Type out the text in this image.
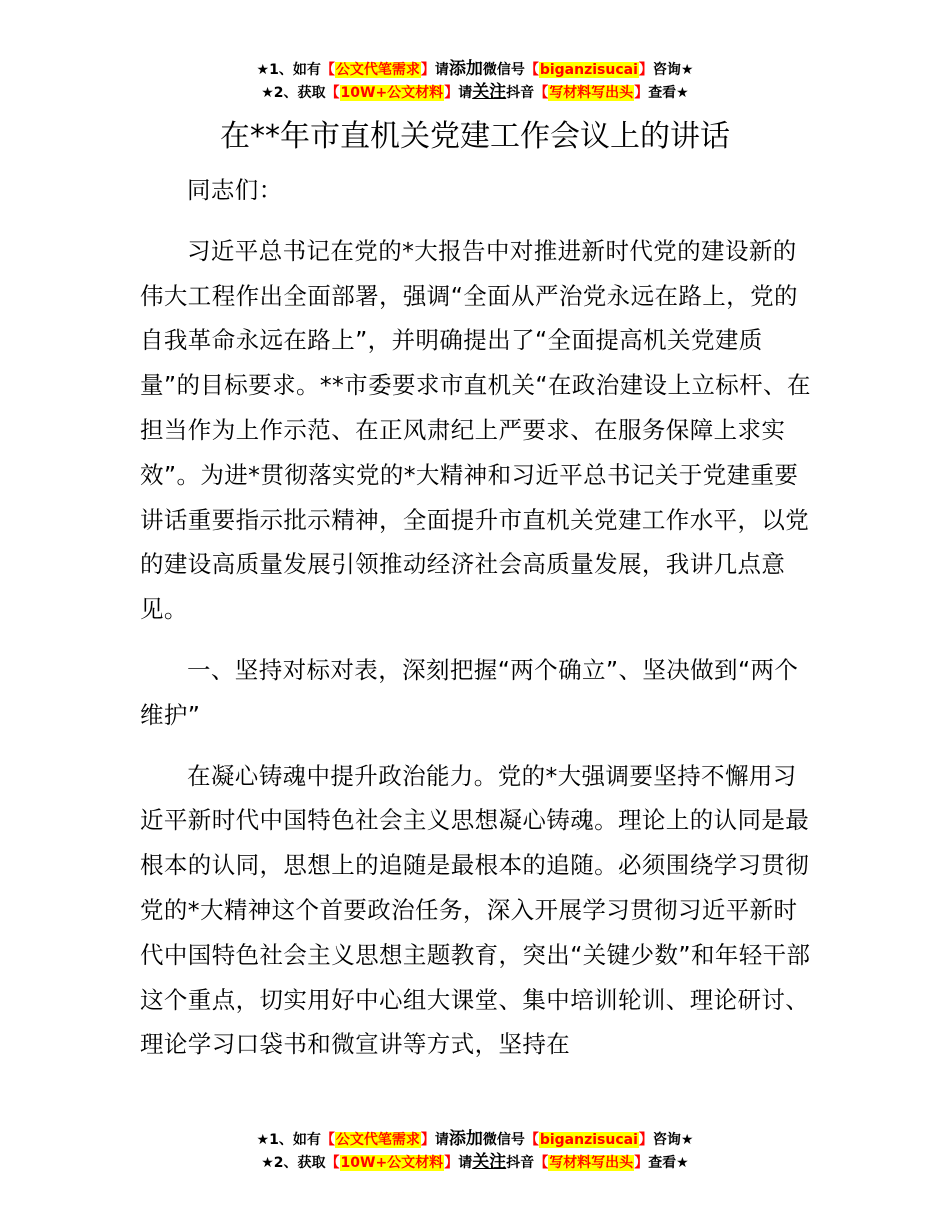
★1、如有【公文代笔需求】请添加微信号【biganzisucai】咨询★
★2、获取【10W+公文材料】请关注抖音【写材料写出头】查看★
在**年市直机关党建工作会议上的讲话

同志们：

习近平总书记在党的*大报告中对推进新时代党的建设新的伟大工程作出全面部署，强调“全面从严治党永远在路上，党的自我革命永远在路上”，并明确提出了“全面提高机关党建质量”的目标要求。**市委要求市直机关“在政治建设上立标杆、在担当作为上作示范、在正风肃纪上严要求、在服务保障上求实效”。为进*贯彻落实党的*大精神和习近平总书记关于党建重要讲话重要指示批示精神，全面提升市直机关党建工作水平，以党的建设高质量发展引领推动经济社会高质量发展，我讲几点意见。

一、坚持对标对表，深刻把握“两个确立”、坚决做到“两个维护”

在凝心铸魂中提升政治能力。党的*大强调要坚持不懈用习近平新时代中国特色社会主义思想凝心铸魂。理论上的认同是最根本的认同，思想上的追随是最根本的追随。必须围绕学习贯彻党的*大精神这个首要政治任务，深入开展学习贯彻习近平新时代中国特色社会主义思想主题教育，突出“关键少数”和年轻干部这个重点，切实用好中心组大课堂、集中培训轮训、理论研讨、理论学习口袋书和微宣讲等方式，坚持在

★1、如有【公文代笔需求】请添加微信号【biganzisucai】咨询★
★2、获取【10W+公文材料】请关注抖音【写材料写出头】查看★
